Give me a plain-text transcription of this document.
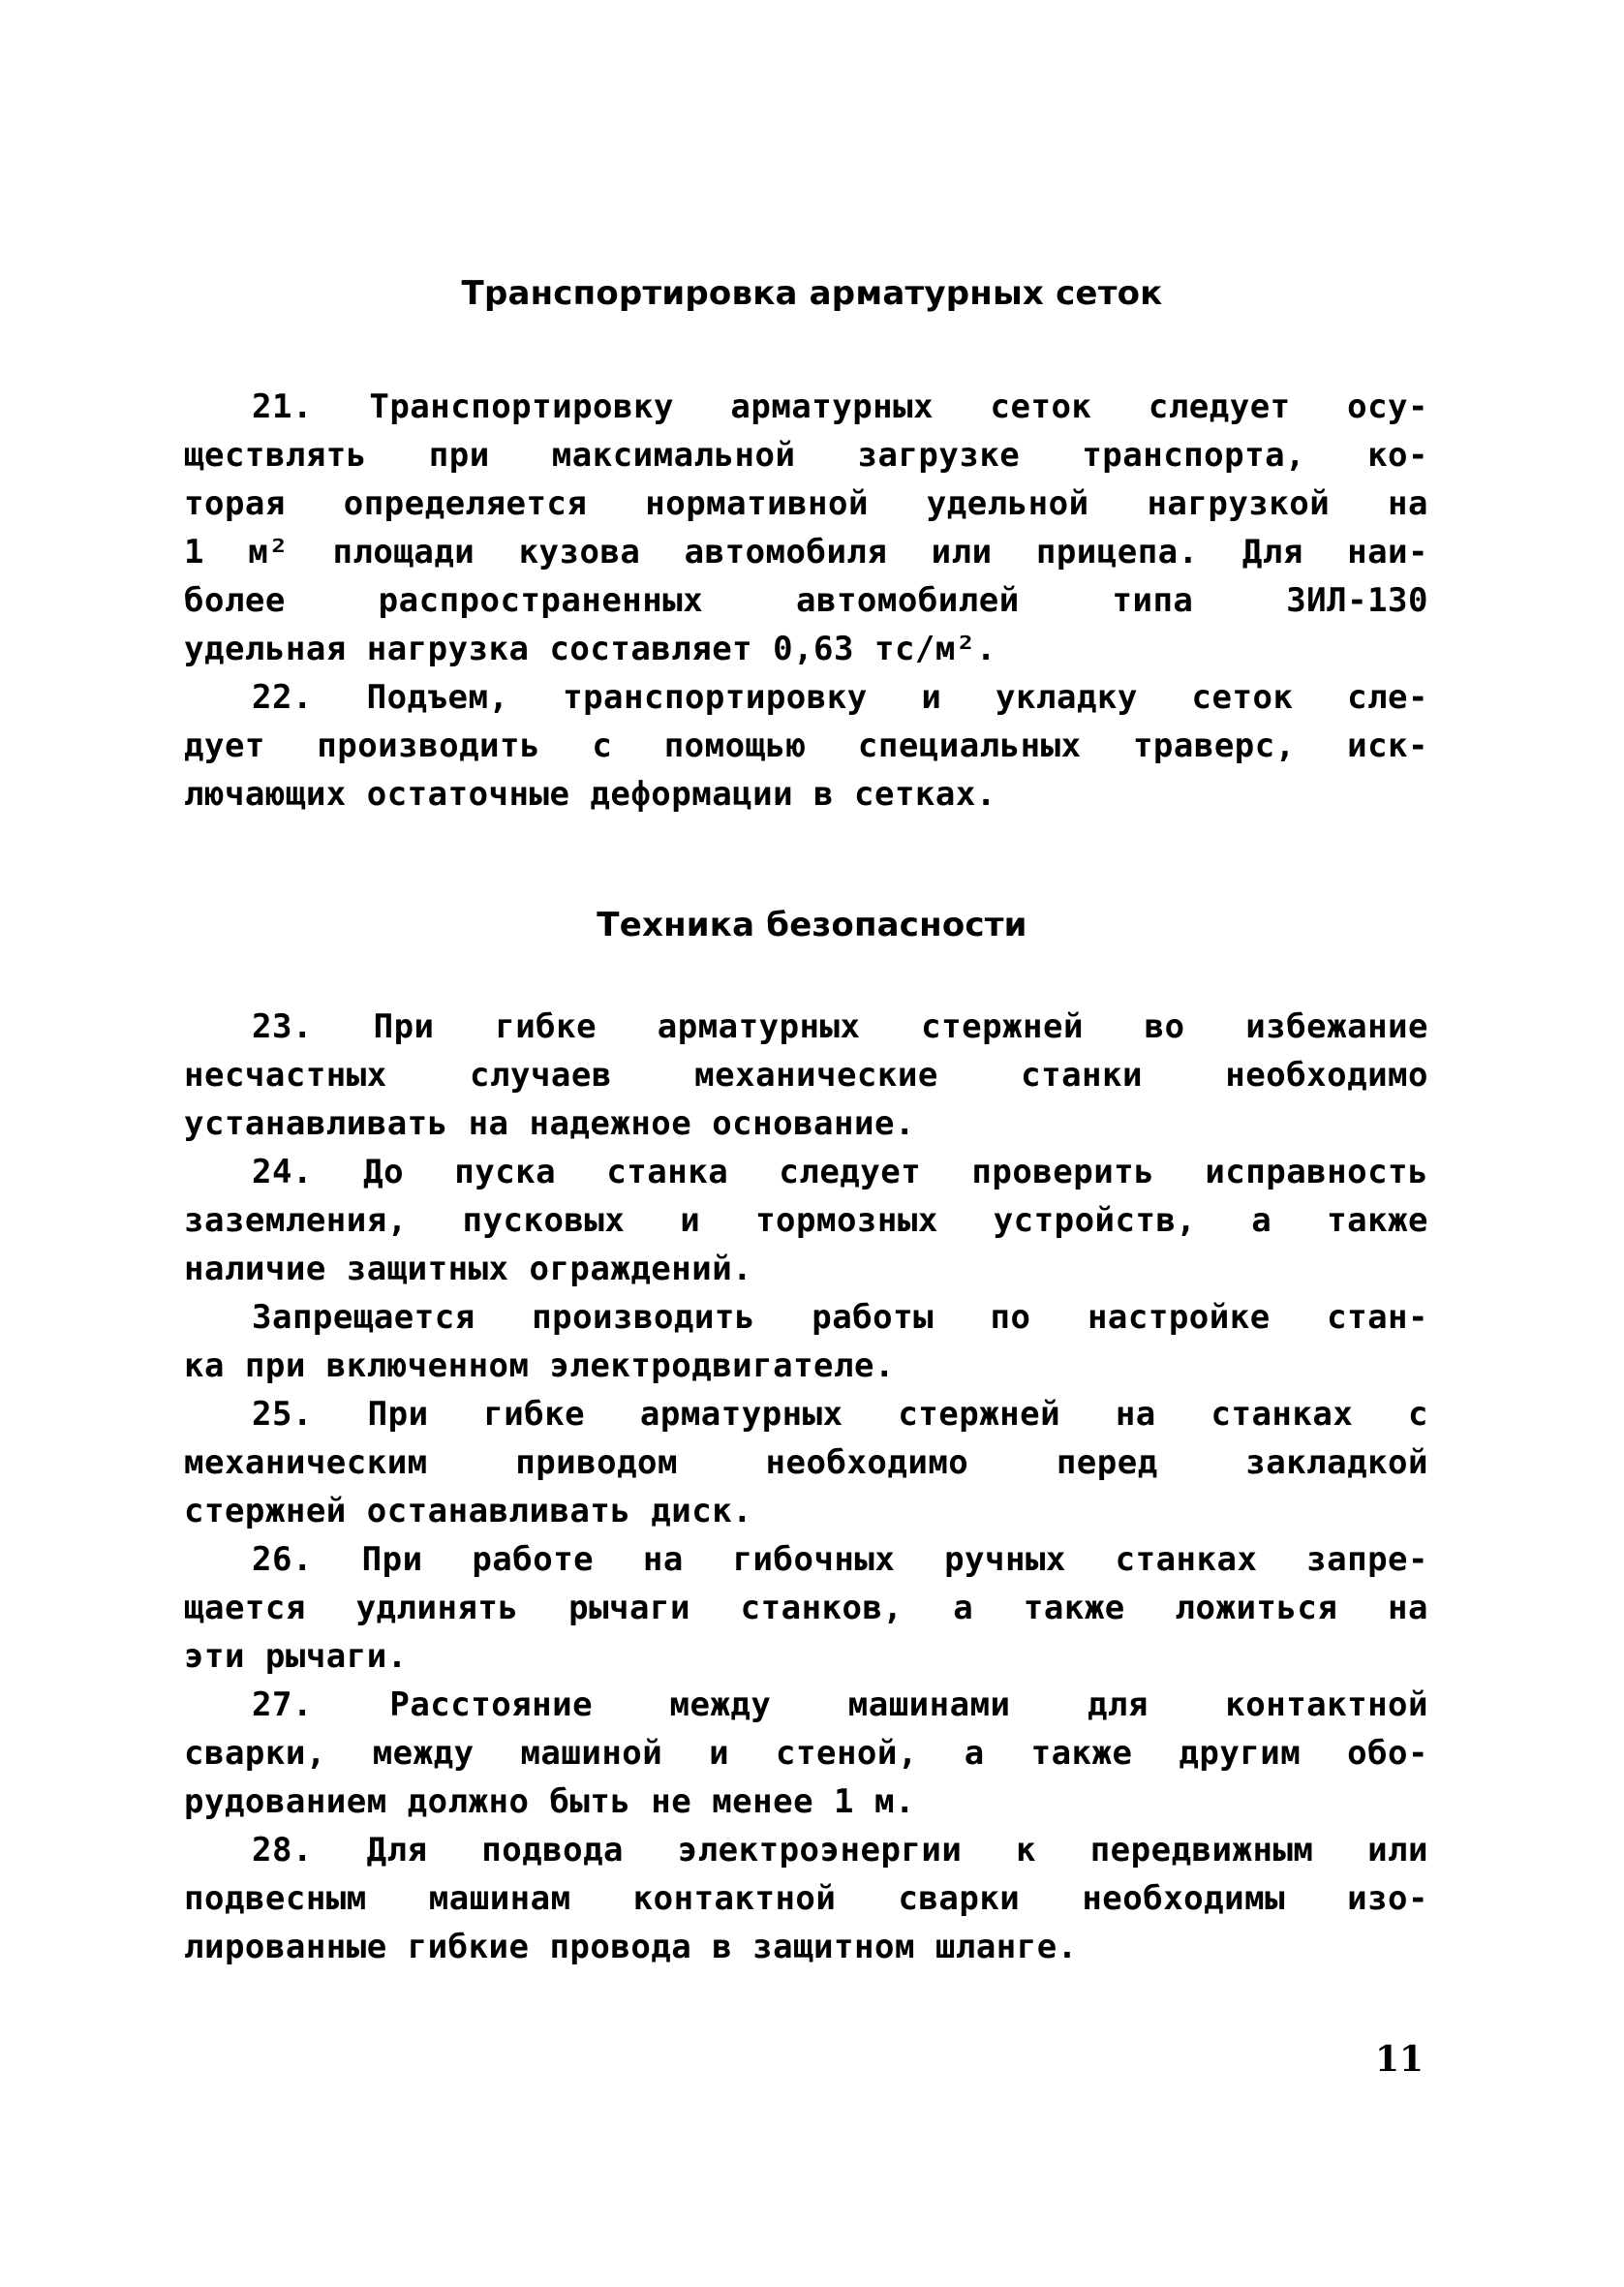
Транспортировка арматурных сеток
21. Транспортировку арматурных сеток следует осу-
ществлять при максимальной загрузке транспорта, ко-
торая определяется нормативной удельной нагрузкой на
1 м² площади кузова автомобиля или прицепа. Для наи-
более распространенных автомобилей типа ЗИЛ-130
удельная нагрузка составляет 0,63 тс/м².
22. Подъем, транспортировку и укладку сеток сле-
дует производить с помощью специальных траверс, иск-
лючающих остаточные деформации в сетках.
Техника безопасности
23. При гибке арматурных стержней во избежание
несчастных случаев механические станки необходимо
устанавливать на надежное основание.
24. До пуска станка следует проверить исправность
заземления, пусковых и тормозных устройств, а также
наличие защитных ограждений.
Запрещается производить работы по настройке стан-
ка при включенном электродвигателе.
25. При гибке арматурных стержней на станках с
механическим приводом необходимо перед закладкой
стержней останавливать диск.
26. При работе на гибочных ручных станках запре-
щается удлинять рычаги станков, а также ложиться на
эти рычаги.
27. Расстояние между машинами для контактной
сварки, между машиной и стеной, а также другим обо-
рудованием должно быть не менее 1 м.
28. Для подвода электроэнергии к передвижным или
подвесным машинам контактной сварки необходимы изо-
лированные гибкие провода в защитном шланге.
11
